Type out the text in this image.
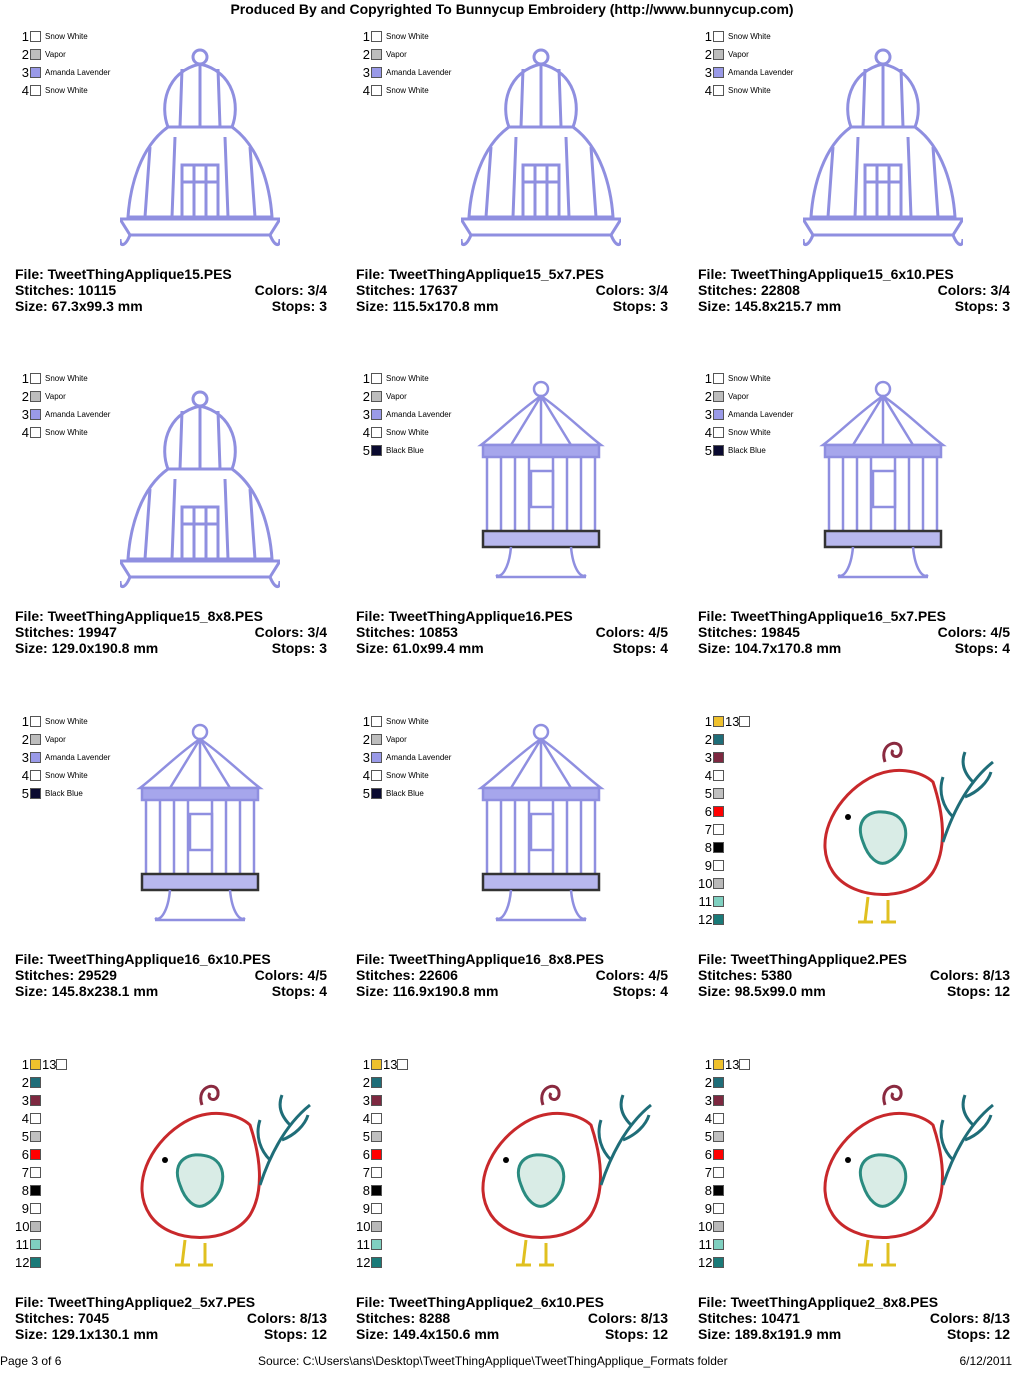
Produced By and Copyrighted To Bunnycup Embroidery (http://www.bunnycup.com)
1 Snow White
2 Vapor
3 Amanda Lavender
4 Snow White
File: TweetThingApplique15.PES
Stitches: 10115	Colors: 3/4
Size: 67.3x99.3 mm	Stops: 3
1 Snow White
2 Vapor
3 Amanda Lavender
4 Snow White
File: TweetThingApplique15_5x7.PES
Stitches: 17637	Colors: 3/4
Size: 115.5x170.8 mm	Stops: 3
1 Snow White
2 Vapor
3 Amanda Lavender
4 Snow White
File: TweetThingApplique15_6x10.PES
Stitches: 22808	Colors: 3/4
Size: 145.8x215.7 mm	Stops: 3
1 Snow White
2 Vapor
3 Amanda Lavender
4 Snow White
File: TweetThingApplique15_8x8.PES
Stitches: 19947	Colors: 3/4
Size: 129.0x190.8 mm	Stops: 3
1 Snow White
2 Vapor
3 Amanda Lavender
4 Snow White
5 Black Blue
File: TweetThingApplique16.PES
Stitches: 10853	Colors: 4/5
Size: 61.0x99.4 mm	Stops: 4
1 Snow White
2 Vapor
3 Amanda Lavender
4 Snow White
5 Black Blue
File: TweetThingApplique16_5x7.PES
Stitches: 19845	Colors: 4/5
Size: 104.7x170.8 mm	Stops: 4
1 Snow White
2 Vapor
3 Amanda Lavender
4 Snow White
5 Black Blue
File: TweetThingApplique16_6x10.PES
Stitches: 29529	Colors: 4/5
Size: 145.8x238.1 mm	Stops: 4
1 Snow White
2 Vapor
3 Amanda Lavender
4 Snow White
5 Black Blue
File: TweetThingApplique16_8x8.PES
Stitches: 22606	Colors: 4/5
Size: 116.9x190.8 mm	Stops: 4
1 13
2
3
4
5
6
7
8
9
10
11
12
File: TweetThingApplique2.PES
Stitches: 5380	Colors: 8/13
Size: 98.5x99.0 mm	Stops: 12
1 13
2
3
4
5
6
7
8
9
10
11
12
File: TweetThingApplique2_5x7.PES
Stitches: 7045	Colors: 8/13
Size: 129.1x130.1 mm	Stops: 12
1 13
2
3
4
5
6
7
8
9
10
11
12
File: TweetThingApplique2_6x10.PES
Stitches: 8288	Colors: 8/13
Size: 149.4x150.6 mm	Stops: 12
1 13
2
3
4
5
6
7
8
9
10
11
12
File: TweetThingApplique2_8x8.PES
Stitches: 10471	Colors: 8/13
Size: 189.8x191.9 mm	Stops: 12
Page 3 of 6	Source: C:\Users\ans\Desktop\TweetThingApplique\TweetThingApplique_Formats folder	6/12/2011
